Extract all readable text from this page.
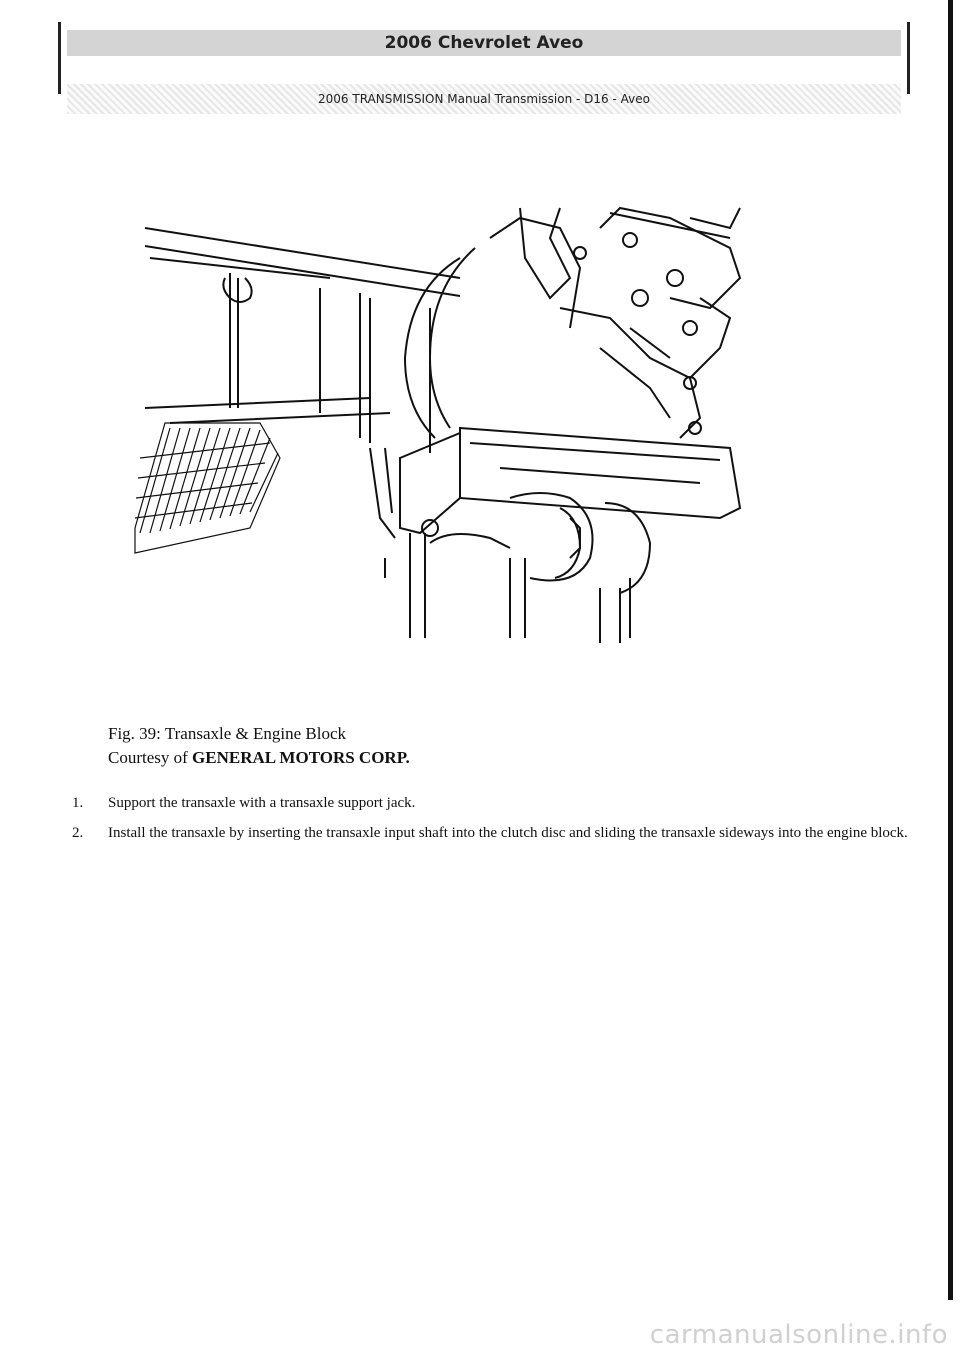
2006 Chevrolet Aveo
2006 TRANSMISSION Manual Transmission - D16 - Aveo
Fig. 39: Transaxle & Engine Block
Courtesy of GENERAL MOTORS CORP.
1. Support the transaxle with a transaxle support jack.
2. Install the transaxle by inserting the transaxle input shaft into the clutch disc and sliding the transaxle sideways into the engine block.
carmanualsonline.info
